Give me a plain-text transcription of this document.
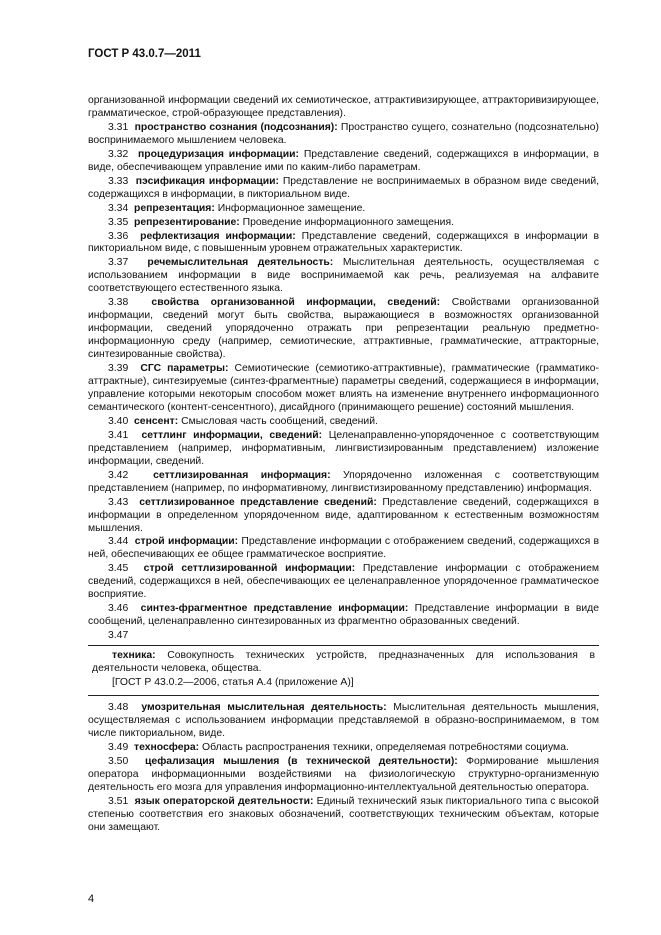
ГОСТ Р 43.0.7—2011

организованной информации сведений их семиотическое, аттрактивизирующее, аттракторивизирующее, грамматическое, строй-образующее представления).

3.31 пространство сознания (подсознания): Пространство сущего, сознательно (подсознательно) воспринимаемого мышлением человека.

3.32 процедуризация информации: Представление сведений, содержащихся в информации, в виде, обеспечивающем управление ими по каким-либо параметрам.

3.33 пэсификация информации: Представление не воспринимаемых в образном виде сведений, содержащихся в информации, в пикториальном виде.

3.34 репрезентация: Информационное замещение.

3.35 репрезентирование: Проведение информационного замещения.

3.36 рефлектизация информации: Представление сведений, содержащихся в информации в пикториальном виде, с повышенным уровнем отражательных характеристик.

3.37 речемыслительная деятельность: Мыслительная деятельность, осуществляемая с использованием информации в виде воспринимаемой как речь, реализуемая на алфавите соответствующего естественного языка.

3.38 свойства организованной информации, сведений: Свойствами организованной информации, сведений могут быть свойства, выражающиеся в возможностях организованной информации, сведений упорядоченно отражать при репрезентации реальную предметно-информационную среду (например, семиотические, аттрактивные, грамматические, аттракторные, синтезированные свойства).

3.39 СГС параметры: Семиотические (семиотико-аттрактивные), грамматические (грамматико-аттрактные), синтезируемые (синтез-фрагментные) параметры сведений, содержащиеся в информации, управление которыми некоторым способом может влиять на изменение внутреннего информационного семантического (контент-сенсентного), дисайдного (принимающего решение) состояний мышления.

3.40 сенсент: Смысловая часть сообщений, сведений.

3.41 сеттлинг информации, сведений: Целенаправленно-упорядоченное с соответствующим представлением (например, информативным, лингвистизированным представлением) изложение информации, сведений.

3.42 сеттлизированная информация: Упорядоченно изложенная с соответствующим представлением (например, по информативному, лингвистизированному представлению) информация.

3.43 сеттлизированное представление сведений: Представление сведений, содержащихся в информации в определенном упорядоченном виде, адаптированном к естественным возможностям мышления.

3.44 строй информации: Представление информации с отображением сведений, содержащихся в ней, обеспечивающих ее общее грамматическое восприятие.

3.45 строй сеттлизированной информации: Представление информации с отображением сведений, содержащихся в ней, обеспечивающих ее целенаправленное упорядоченное грамматическое восприятие.

3.46 синтез-фрагментное представление информации: Представление информации в виде сообщений, целенаправленно синтезированных из фрагментно образованных сведений.

3.47

техника: Совокупность технических устройств, предназначенных для использования в деятельности человека, общества.

[ГОСТ Р 43.0.2—2006, статья А.4 (приложение А)]

3.48 умозрительная мыслительная деятельность: Мыслительная деятельность мышления, осуществляемая с использованием информации представляемой в образно-воспринимаемом, в том числе пикториальном, виде.

3.49 техносфера: Область распространения техники, определяемая потребностями социума.

3.50 цефализация мышления (в технической деятельности): Формирование мышления оператора информационными воздействиями на физиологическую структурно-организменную деятельность его мозга для управления информационно-интеллектуальной деятельностью оператора.

3.51 язык операторской деятельности: Единый технический язык пикториального типа с высокой степенью соответствия его знаковых обозначений, соответствующих техническим объектам, которые они замещают.

4
